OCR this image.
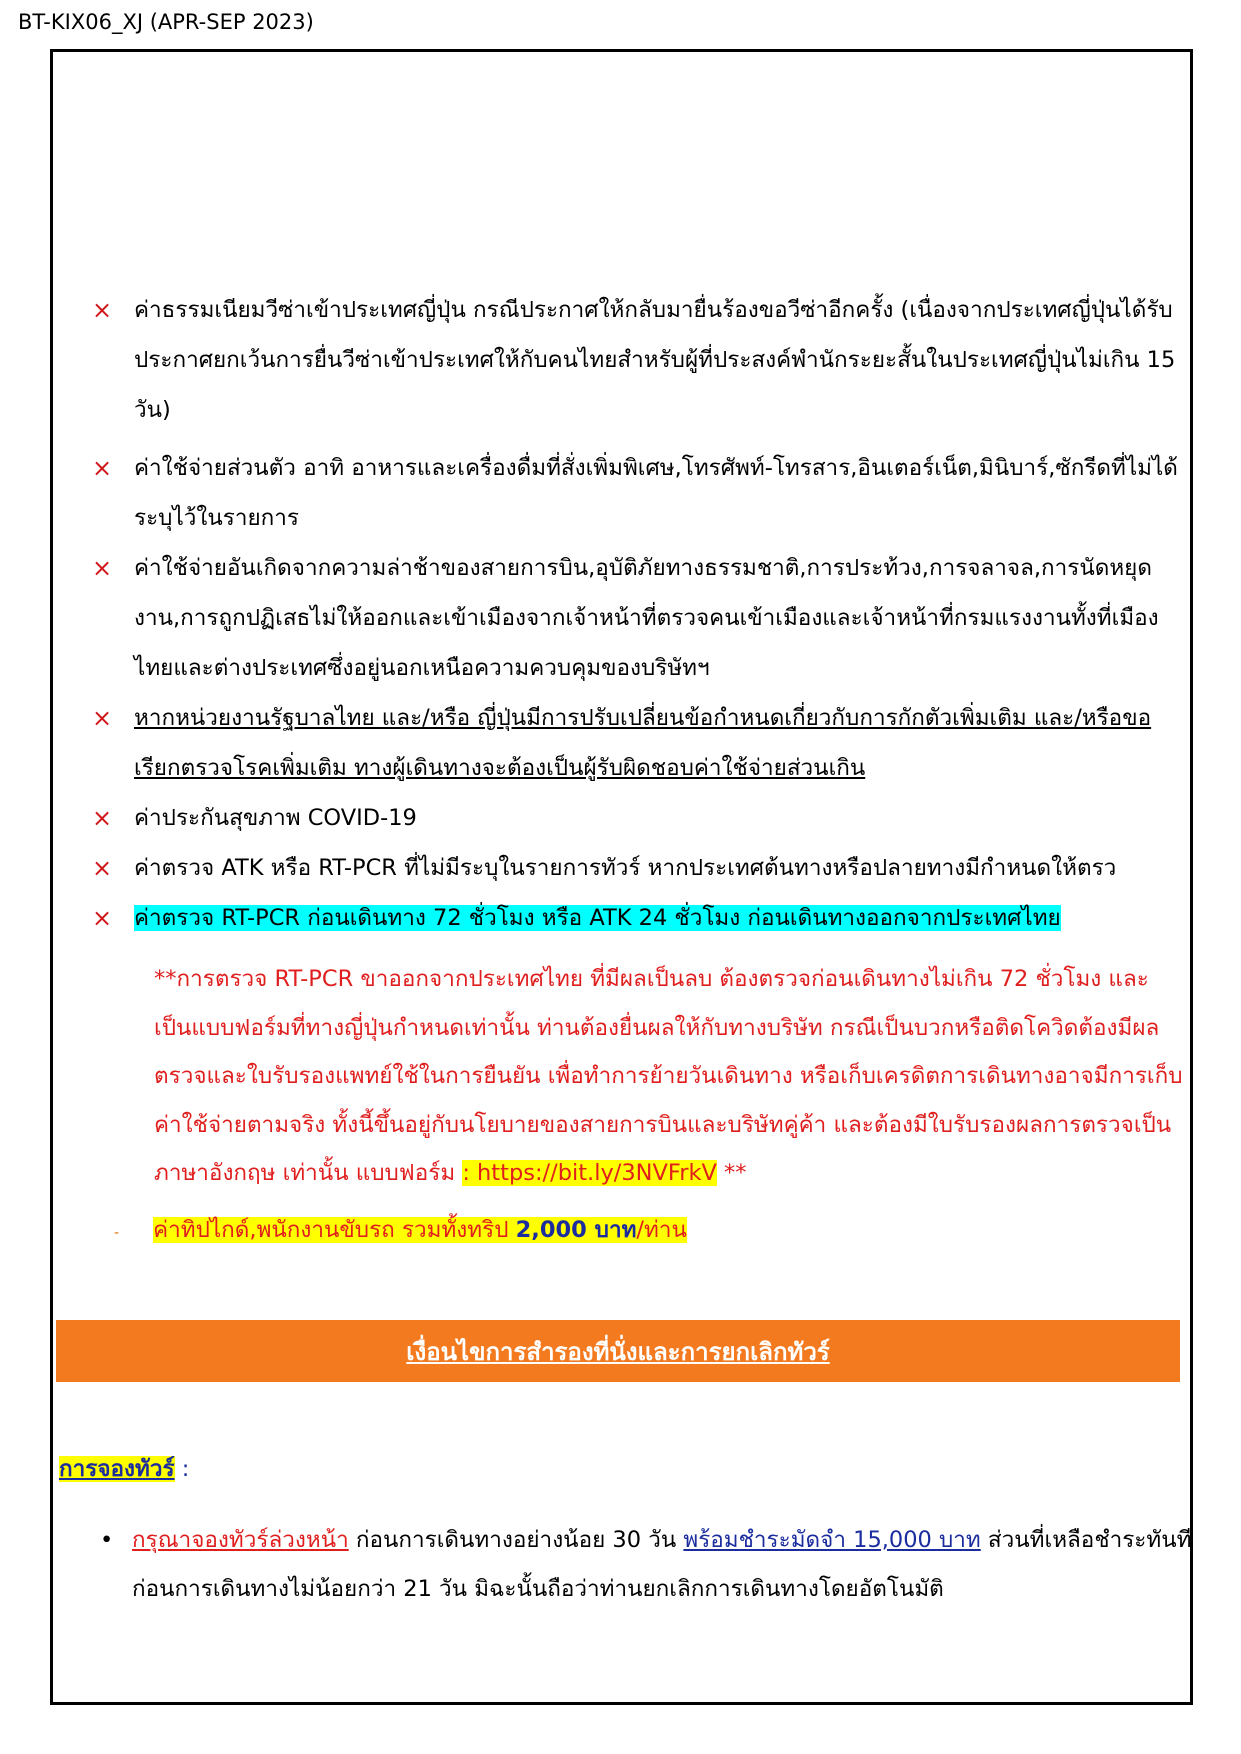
BT-KIX06_XJ (APR-SEP 2023)

× ค่าธรรมเนียมวีซ่าเข้าประเทศญี่ปุ่น กรณีประกาศให้กลับมายื่นร้องขอวีซ่าอีกครั้ง (เนื่องจากประเทศญี่ปุ่นได้รับประกาศยกเว้นการยื่นวีซ่าเข้าประเทศให้กับคนไทยสำหรับผู้ที่ประสงค์พำนักระยะสั้นในประเทศญี่ปุ่นไม่เกิน 15 วัน)

× ค่าใช้จ่ายส่วนตัว อาทิ อาหารและเครื่องดื่มที่สั่งเพิ่มพิเศษ,โทรศัพท์-โทรสาร,อินเตอร์เน็ต,มินิบาร์,ซักรีดที่ไม่ได้ระบุไว้ในรายการ

× ค่าใช้จ่ายอันเกิดจากความล่าช้าของสายการบิน,อุบัติภัยทางธรรมชาติ,การประท้วง,การจลาจล,การนัดหยุดงาน,การถูกปฏิเสธไม่ให้ออกและเข้าเมืองจากเจ้าหน้าที่ตรวจคนเข้าเมืองและเจ้าหน้าที่กรมแรงงานทั้งที่เมืองไทยและต่างประเทศซึ่งอยู่นอกเหนือความควบคุมของบริษัทฯ

× หากหน่วยงานรัฐบาลไทย และ/หรือ ญี่ปุ่นมีการปรับเปลี่ยนข้อกำหนดเกี่ยวกับการกักตัวเพิ่มเติม และ/หรือขอเรียกตรวจโรคเพิ่มเติม ทางผู้เดินทางจะต้องเป็นผู้รับผิดชอบค่าใช้จ่ายส่วนเกิน

× ค่าประกันสุขภาพ COVID-19

× ค่าตรวจ ATK หรือ RT-PCR ที่ไม่มีระบุในรายการทัวร์ หากประเทศต้นทางหรือปลายทางมีกำหนดให้ตรว

× ค่าตรวจ RT-PCR ก่อนเดินทาง 72 ชั่วโมง หรือ ATK 24 ชั่วโมง ก่อนเดินทางออกจากประเทศไทย

**การตรวจ RT-PCR ขาออกจากประเทศไทย ที่มีผลเป็นลบ ต้องตรวจก่อนเดินทางไม่เกิน 72 ชั่วโมง และเป็นแบบฟอร์มที่ทางญี่ปุ่นกำหนดเท่านั้น ท่านต้องยื่นผลให้กับทางบริษัท กรณีเป็นบวกหรือติดโควิดต้องมีผลตรวจและใบรับรองแพทย์ใช้ในการยืนยัน เพื่อทำการย้ายวันเดินทาง หรือเก็บเครดิตการเดินทางอาจมีการเก็บค่าใช้จ่ายตามจริง ทั้งนี้ขึ้นอยู่กับนโยบายของสายการบินและบริษัทคู่ค้า และต้องมีใบรับรองผลการตรวจเป็นภาษาอังกฤษ เท่านั้น แบบฟอร์ม : https://bit.ly/3NVFrkV **

- ค่าทิปไกด์,พนักงานขับรถ รวมทั้งทริป 2,000 บาท/ท่าน
เงื่อนไขการสำรองที่นั่งและการยกเลิกทัวร์
การจองทัวร์ :
• กรุณาจองทัวร์ล่วงหน้า ก่อนการเดินทางอย่างน้อย 30 วัน พร้อมชำระมัดจำ 15,000 บาท ส่วนที่เหลือชำระทันทีก่อนการเดินทางไม่น้อยกว่า 21 วัน มิฉะนั้นถือว่าท่านยกเลิกการเดินทางโดยอัตโนมัติ
